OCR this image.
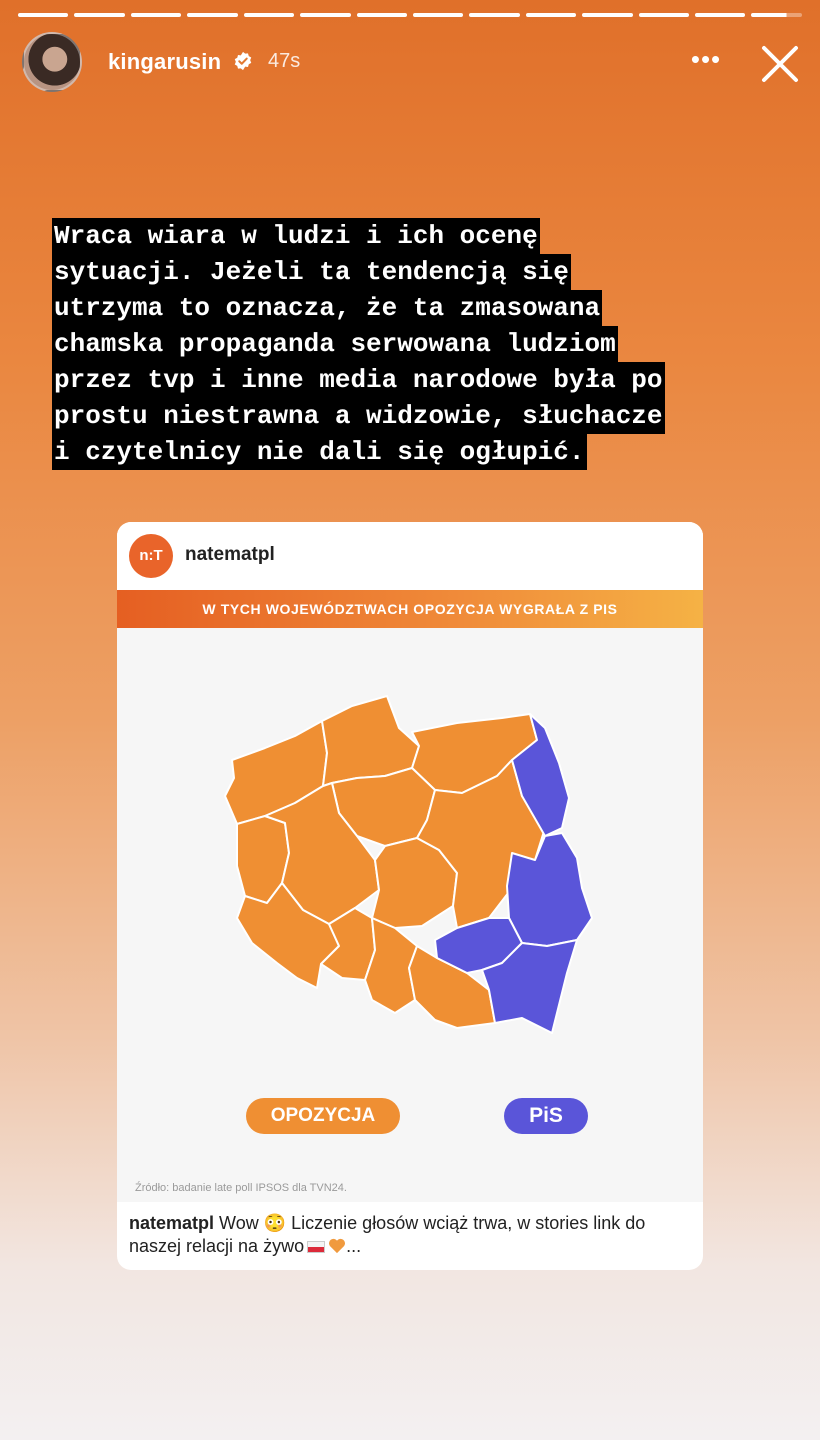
kingarusin 47s	•••
Wraca wiara w ludzi i ich ocenę
sytuacji. Jeżeli ta tendencją się
utrzyma to oznacza, że ta zmasowana
chamska propaganda serwowana ludziom
przez tvp i inne media narodowe była po
prostu niestrawna a widzowie, słuchacze
i czytelnicy nie dali się ogłupić.
n:T	natematpl
W TYCH WOJEWÓDZTWACH OPOZYCJA WYGRAŁA Z PIS
OPOZYCJA	PiS
Źródło: badanie late poll IPSOS dla TVN24.
natematpl Wow 😳 Liczenie głosów wciąż trwa, w stories link do naszej relacji na żywo ...
